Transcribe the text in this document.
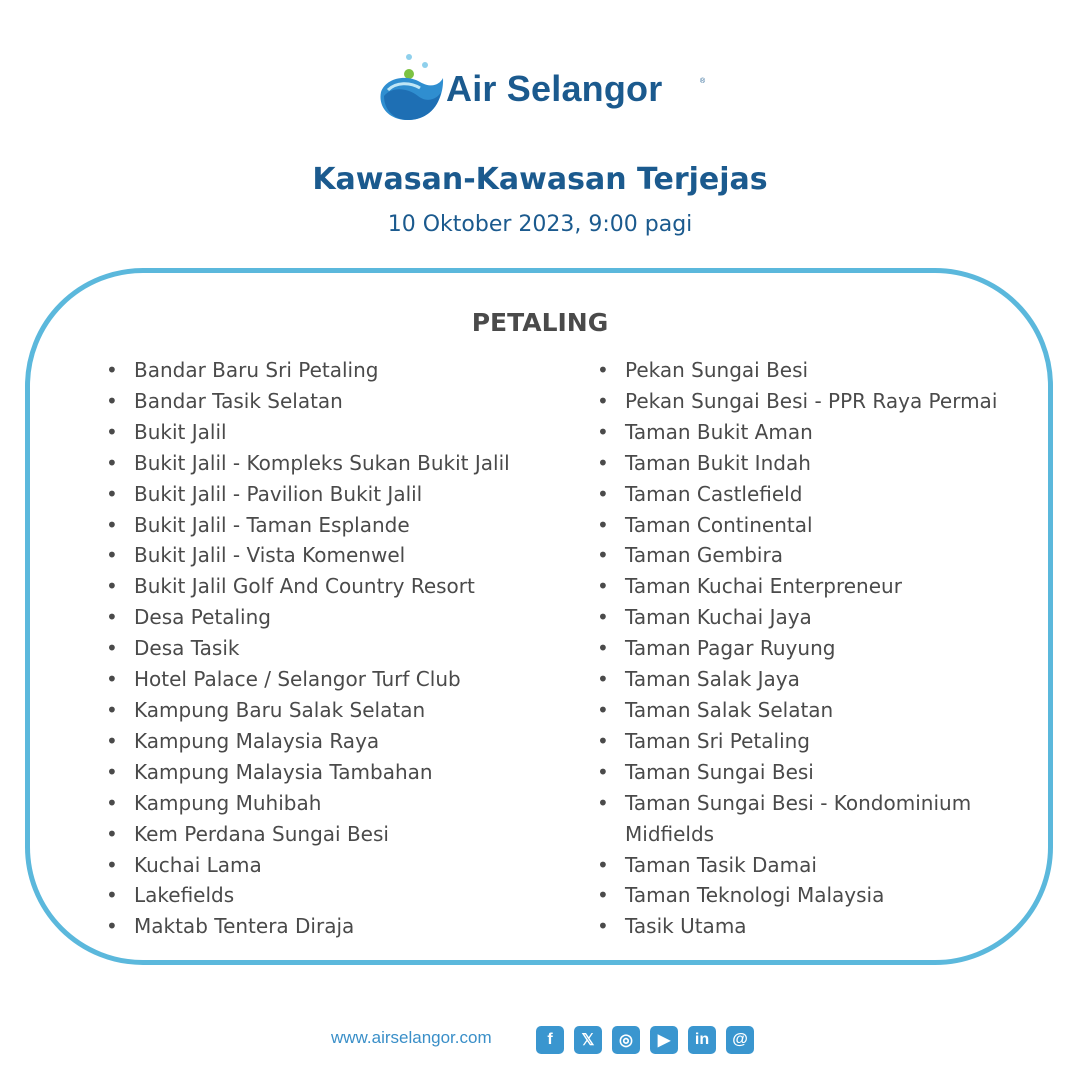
Air Selangor	®
Kawasan-Kawasan Terjejas
10 Oktober 2023, 9:00 pagi
PETALING
• Bandar Baru Sri Petaling
• Bandar Tasik Selatan
• Bukit Jalil
• Bukit Jalil - Kompleks Sukan Bukit Jalil
• Bukit Jalil - Pavilion Bukit Jalil
• Bukit Jalil - Taman Esplande
• Bukit Jalil - Vista Komenwel
• Bukit Jalil Golf And Country Resort
• Desa Petaling
• Desa Tasik
• Hotel Palace / Selangor Turf Club
• Kampung Baru Salak Selatan
• Kampung Malaysia Raya
• Kampung Malaysia Tambahan
• Kampung Muhibah
• Kem Perdana Sungai Besi
• Kuchai Lama
• Lakefields
• Maktab Tentera Diraja
• Pekan Sungai Besi
• Pekan Sungai Besi - PPR Raya Permai
• Taman Bukit Aman
• Taman Bukit Indah
• Taman Castlefield
• Taman Continental
• Taman Gembira
• Taman Kuchai Enterpreneur
• Taman Kuchai Jaya
• Taman Pagar Ruyung
• Taman Salak Jaya
• Taman Salak Selatan
• Taman Sri Petaling
• Taman Sungai Besi
• Taman Sungai Besi - Kondominium Midfields
• Taman Tasik Damai
• Taman Teknologi Malaysia
• Tasik Utama
www.airselangor.com	f	𝕏	◎	▶	in	@
